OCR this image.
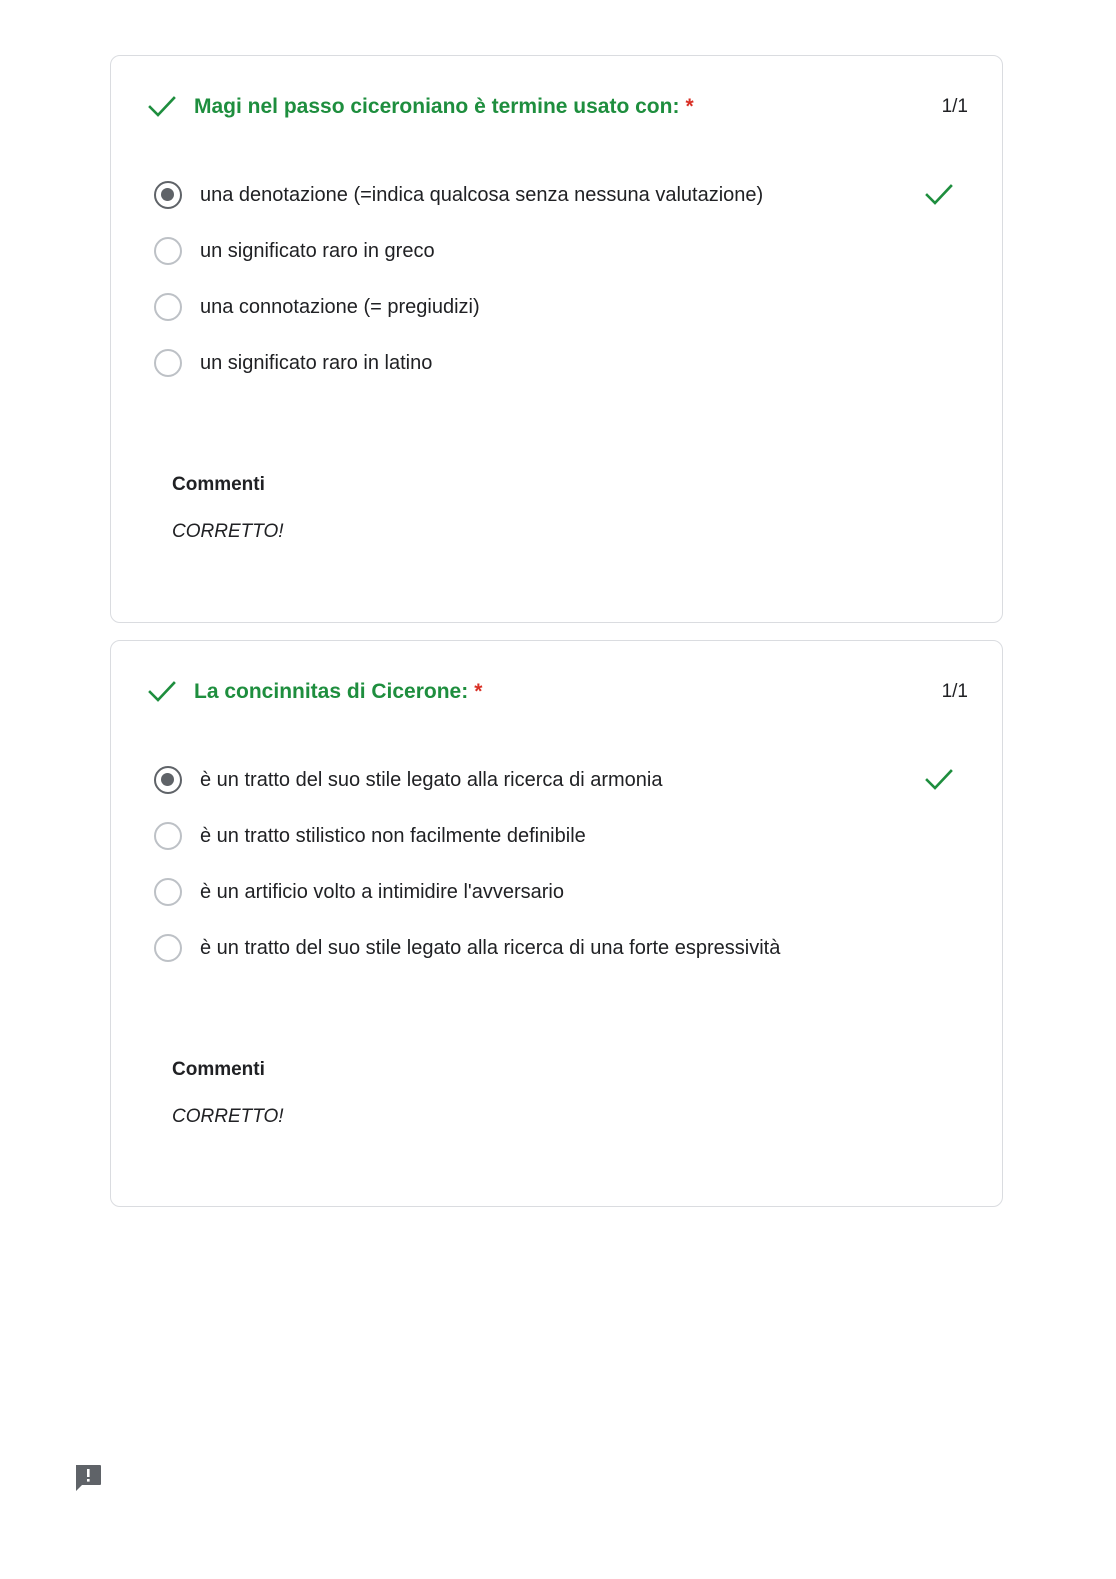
Magi nel passo ciceroniano è termine usato con: *	1/1
una denotazione (=indica qualcosa senza nessuna valutazione)
un significato raro in greco
una connotazione (= pregiudizi)
un significato raro in latino
Commenti
CORRETTO!
La concinnitas di Cicerone: *	1/1
è un tratto del suo stile legato alla ricerca di armonia
è un tratto stilistico non facilmente definibile
è un artificio volto a intimidire l'avversario
è un tratto del suo stile legato alla ricerca di una forte espressività
Commenti
CORRETTO!
